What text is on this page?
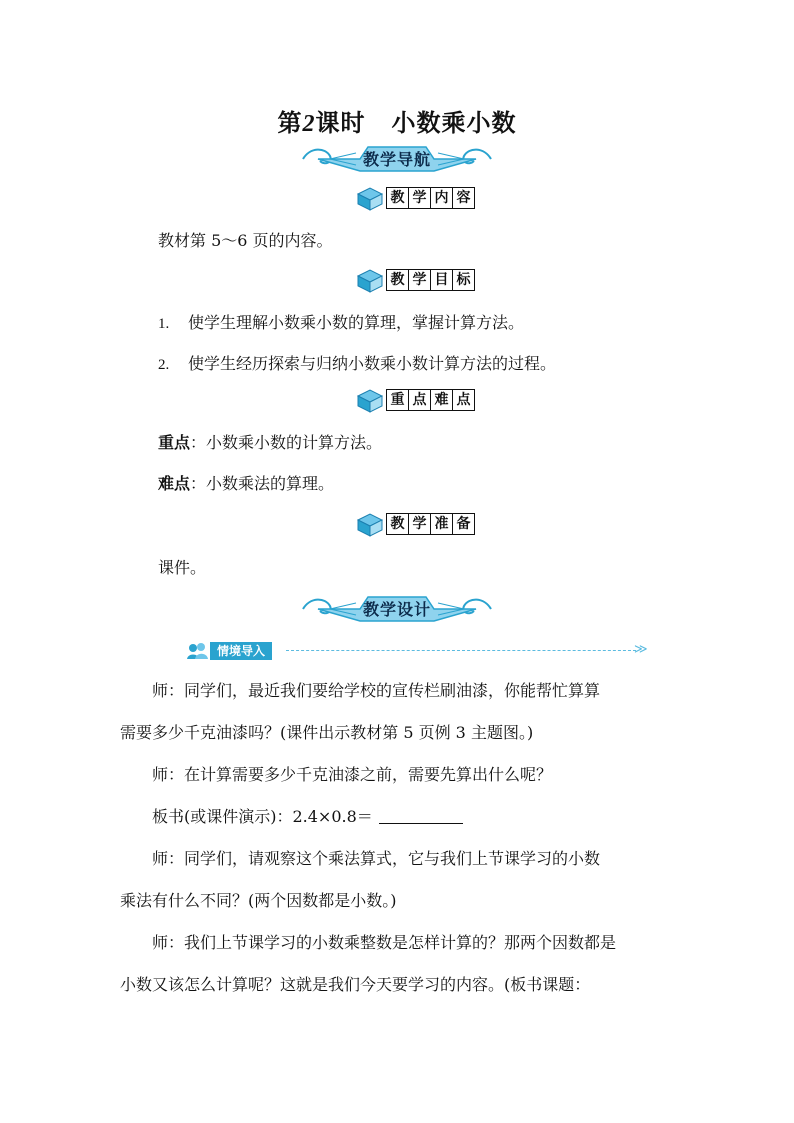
第2课时 小数乘小数
教学导航
教 学 内 容
教材第 5～6 页的内容。
教 学 目 标
1. 使学生理解小数乘小数的算理，掌握计算方法。
2. 使学生经历探索与归纳小数乘小数计算方法的过程。
重 点 难 点
重点：小数乘小数的计算方法。
难点：小数乘法的算理。
教 学 准 备
课件。
教学设计
情境导入	≫
师：同学们，最近我们要给学校的宣传栏刷油漆，你能帮忙算算
需要多少千克油漆吗？(课件出示教材第 5 页例 3 主题图。)
师：在计算需要多少千克油漆之前，需要先算出什么呢？
板书(或课件演示)：2.4×0.8＝
师：同学们，请观察这个乘法算式，它与我们上节课学习的小数
乘法有什么不同？(两个因数都是小数。)
师：我们上节课学习的小数乘整数是怎样计算的？那两个因数都是
小数又该怎么计算呢？这就是我们今天要学习的内容。(板书课题：
